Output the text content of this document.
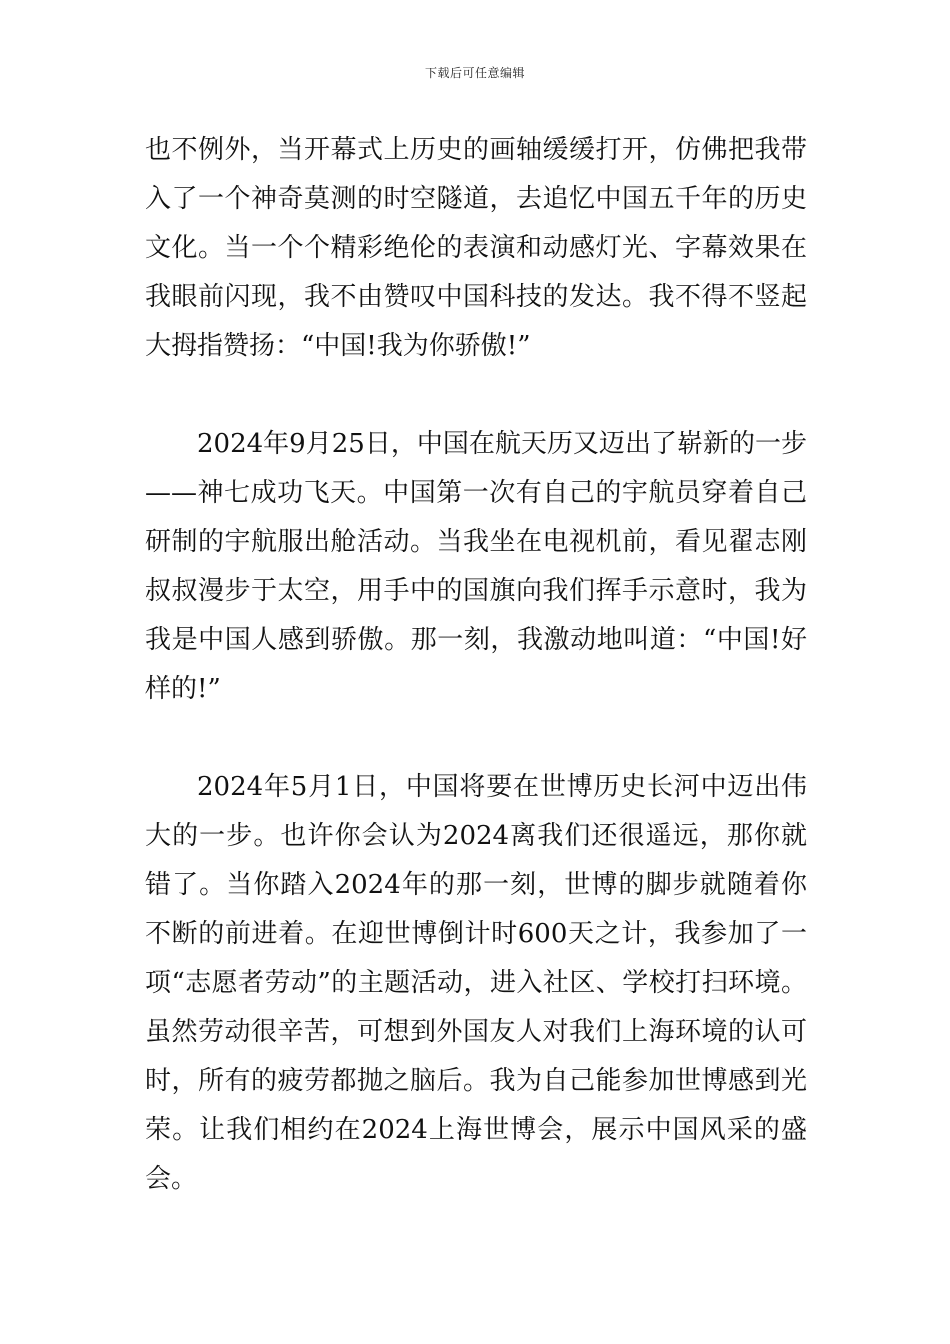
下载后可任意编辑

也不例外，当开幕式上历史的画轴缓缓打开，仿佛把我带入了一个神奇莫测的时空隧道，去追忆中国五千年的历史文化。当一个个精彩绝伦的表演和动感灯光、字幕效果在我眼前闪现，我不由赞叹中国科技的发达。我不得不竖起大拇指赞扬：“中国!我为你骄傲!”

2024年9月25日，中国在航天历又迈出了崭新的一步——神七成功飞天。中国第一次有自己的宇航员穿着自己研制的宇航服出舱活动。当我坐在电视机前，看见翟志刚叔叔漫步于太空，用手中的国旗向我们挥手示意时，我为我是中国人感到骄傲。那一刻，我激动地叫道：“中国!好样的!”

2024年5月1日，中国将要在世博历史长河中迈出伟大的一步。也许你会认为2024离我们还很遥远，那你就错了。当你踏入2024年的那一刻，世博的脚步就随着你不断的前进着。在迎世博倒计时600天之计，我参加了一项“志愿者劳动”的主题活动，进入社区、学校打扫环境。虽然劳动很辛苦，可想到外国友人对我们上海环境的认可时，所有的疲劳都抛之脑后。我为自己能参加世博感到光荣。让我们相约在2024上海世博会，展示中国风采的盛会。
